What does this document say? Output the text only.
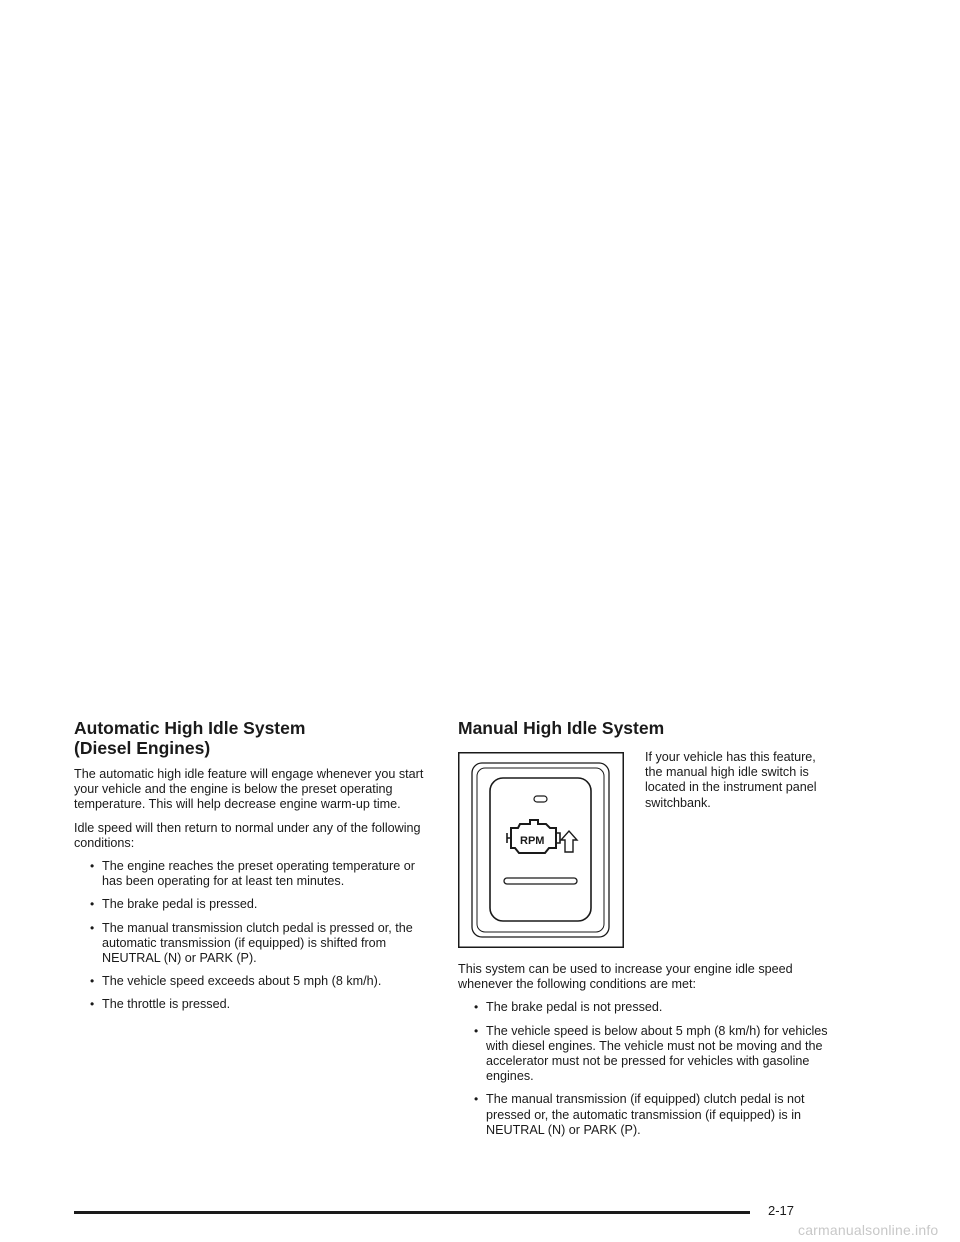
Automatic High Idle System
(Diesel Engines)

The automatic high idle feature will engage whenever you start your vehicle and the engine is below the preset operating temperature. This will help decrease engine warm-up time.

Idle speed will then return to normal under any of the following conditions:

• The engine reaches the preset operating temperature or has been operating for at least ten minutes.
• The brake pedal is pressed.
• The manual transmission clutch pedal is pressed or, the automatic transmission (if equipped) is shifted from NEUTRAL (N) or PARK (P).
• The vehicle speed exceeds about 5 mph (8 km/h).
• The throttle is pressed.
Manual High Idle System
RPM

If your vehicle has this feature, the manual high idle switch is located in the instrument panel switchbank.

This system can be used to increase your engine idle speed whenever the following conditions are met:

• The brake pedal is not pressed.
• The vehicle speed is below about 5 mph (8 km/h) for vehicles with diesel engines. The vehicle must not be moving and the accelerator must not be pressed for vehicles with gasoline engines.
• The manual transmission (if equipped) clutch pedal is not pressed or, the automatic transmission (if equipped) is in NEUTRAL (N) or PARK (P).
2-17
carmanualsonline.info
